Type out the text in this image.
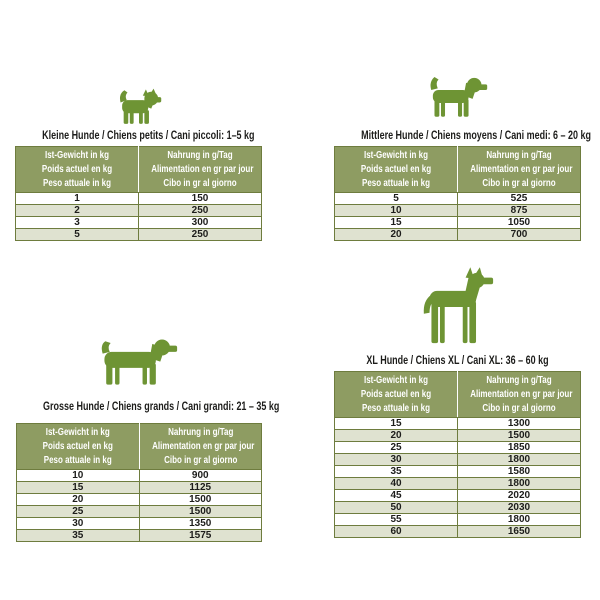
Kleine Hunde / Chiens petits / Cani piccoli: 1–5 kg
Ist-Gewicht in kg
Poids actuel en kg
Peso attuale in kg

Nahrung in g/Tag
Alimentation en gr par jour
Cibo in gr al giorno

1	150
2	250
3	300
5	250
Mittlere Hunde / Chiens moyens / Cani medi: 6 – 20 kg
Ist-Gewicht in kg
Poids actuel en kg
Peso attuale in kg

Nahrung in g/Tag
Alimentation en gr par jour
Cibo in gr al giorno

5	525
10	875
15	1050
20	700
Grosse Hunde / Chiens grands / Cani grandi: 21 – 35 kg
Ist-Gewicht in kg
Poids actuel en kg
Peso attuale in kg

Nahrung in g/Tag
Alimentation en gr par jour
Cibo in gr al giorno

10	900
15	1125
20	1500
25	1500
30	1350
35	1575
XL Hunde / Chiens XL / Cani XL: 36 – 60 kg
Ist-Gewicht in kg
Poids actuel en kg
Peso attuale in kg

Nahrung in g/Tag
Alimentation en gr par jour
Cibo in gr al giorno

15	1300
20	1500
25	1850
30	1800
35	1580
40	1800
45	2020
50	2030
55	1800
60	1650
